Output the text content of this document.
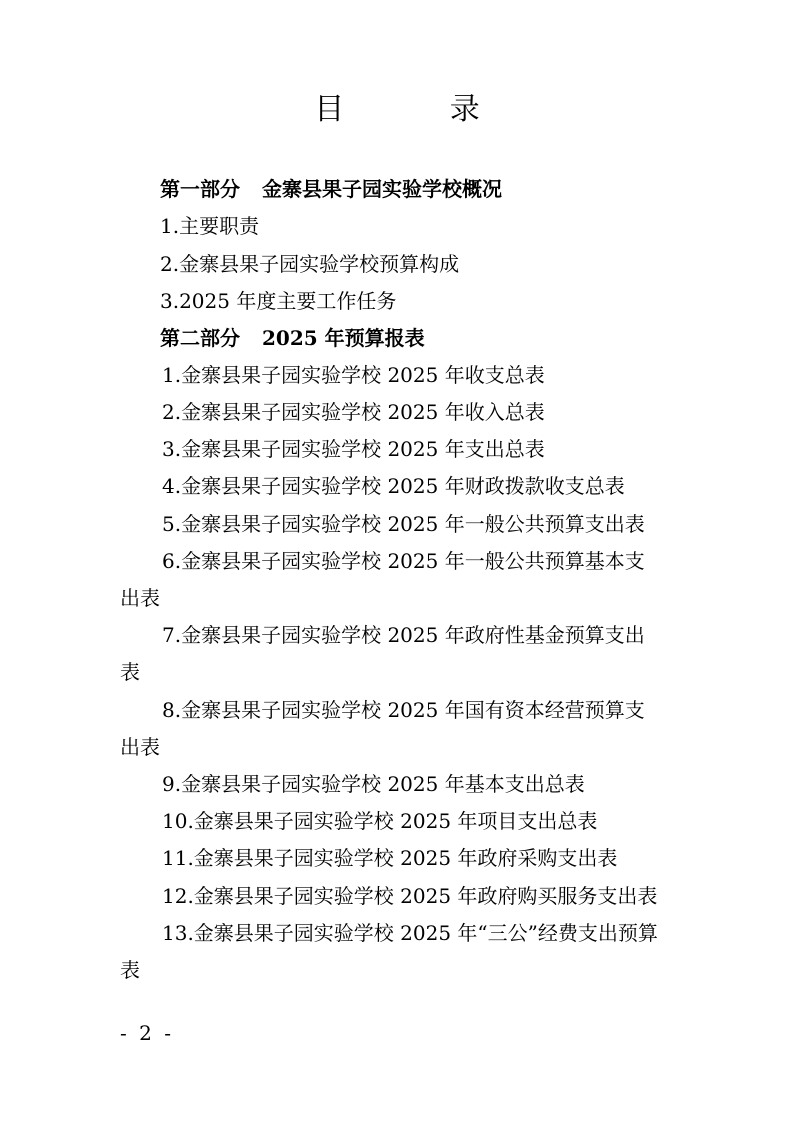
目 录
第一部分 金寨县果子园实验学校概况
1.主要职责
2.金寨县果子园实验学校预算构成
3.2025 年度主要工作任务
第二部分 2025 年预算报表
1.金寨县果子园实验学校 2025 年收支总表
2.金寨县果子园实验学校 2025 年收入总表
3.金寨县果子园实验学校 2025 年支出总表
4.金寨县果子园实验学校 2025 年财政拨款收支总表
5.金寨县果子园实验学校 2025 年一般公共预算支出表
6.金寨县果子园实验学校 2025 年一般公共预算基本支
出表
7.金寨县果子园实验学校 2025 年政府性基金预算支出
表
8.金寨县果子园实验学校 2025 年国有资本经营预算支
出表
9.金寨县果子园实验学校 2025 年基本支出总表
10.金寨县果子园实验学校 2025 年项目支出总表
11.金寨县果子园实验学校 2025 年政府采购支出表
12.金寨县果子园实验学校 2025 年政府购买服务支出表
13.金寨县果子园实验学校 2025 年“三公”经费支出预算
表
- 2 -
